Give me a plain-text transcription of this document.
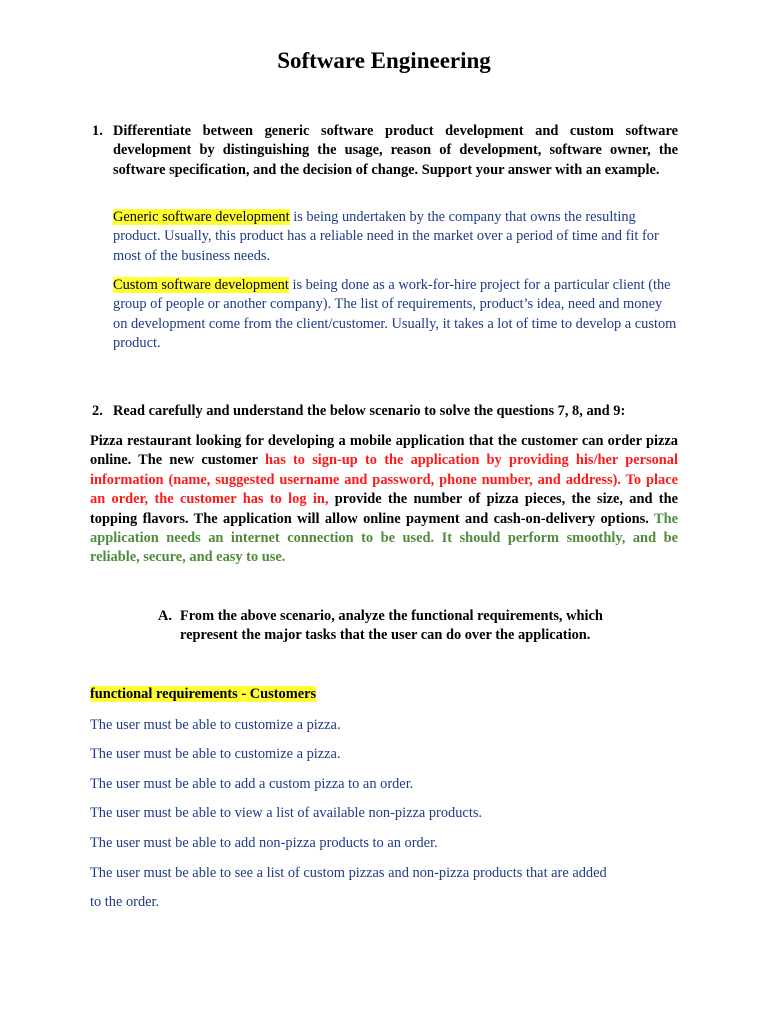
Software Engineering
1. Differentiate between generic software product development and custom software development by distinguishing the usage, reason of development, software owner, the software specification, and the decision of change. Support your answer with an example.
Generic software development is being undertaken by the company that owns the resulting product. Usually, this product has a reliable need in the market over a period of time and fit for most of the business needs.
Custom software development is being done as a work-for-hire project for a particular client (the group of people or another company). The list of requirements, product’s idea, need and money on development come from the client/customer. Usually, it takes a lot of time to develop a custom product.
2. Read carefully and understand the below scenario to solve the questions 7, 8, and 9:
Pizza restaurant looking for developing a mobile application that the customer can order pizza online. The new customer has to sign-up to the application by providing his/her personal information (name, suggested username and password, phone number, and address). To place an order, the customer has to log in, provide the number of pizza pieces, the size, and the topping flavors. The application will allow online payment and cash-on-delivery options. The application needs an internet connection to be used. It should perform smoothly, and be reliable, secure, and easy to use.
A. From the above scenario, analyze the functional requirements, which represent the major tasks that the user can do over the application.
functional requirements - Customers
The user must be able to customize a pizza.
The user must be able to customize a pizza.
The user must be able to add a custom pizza to an order.
The user must be able to view a list of available non-pizza products.
The user must be able to add non-pizza products to an order.
The user must be able to see a list of custom pizzas and non-pizza products that are added
to the order.
